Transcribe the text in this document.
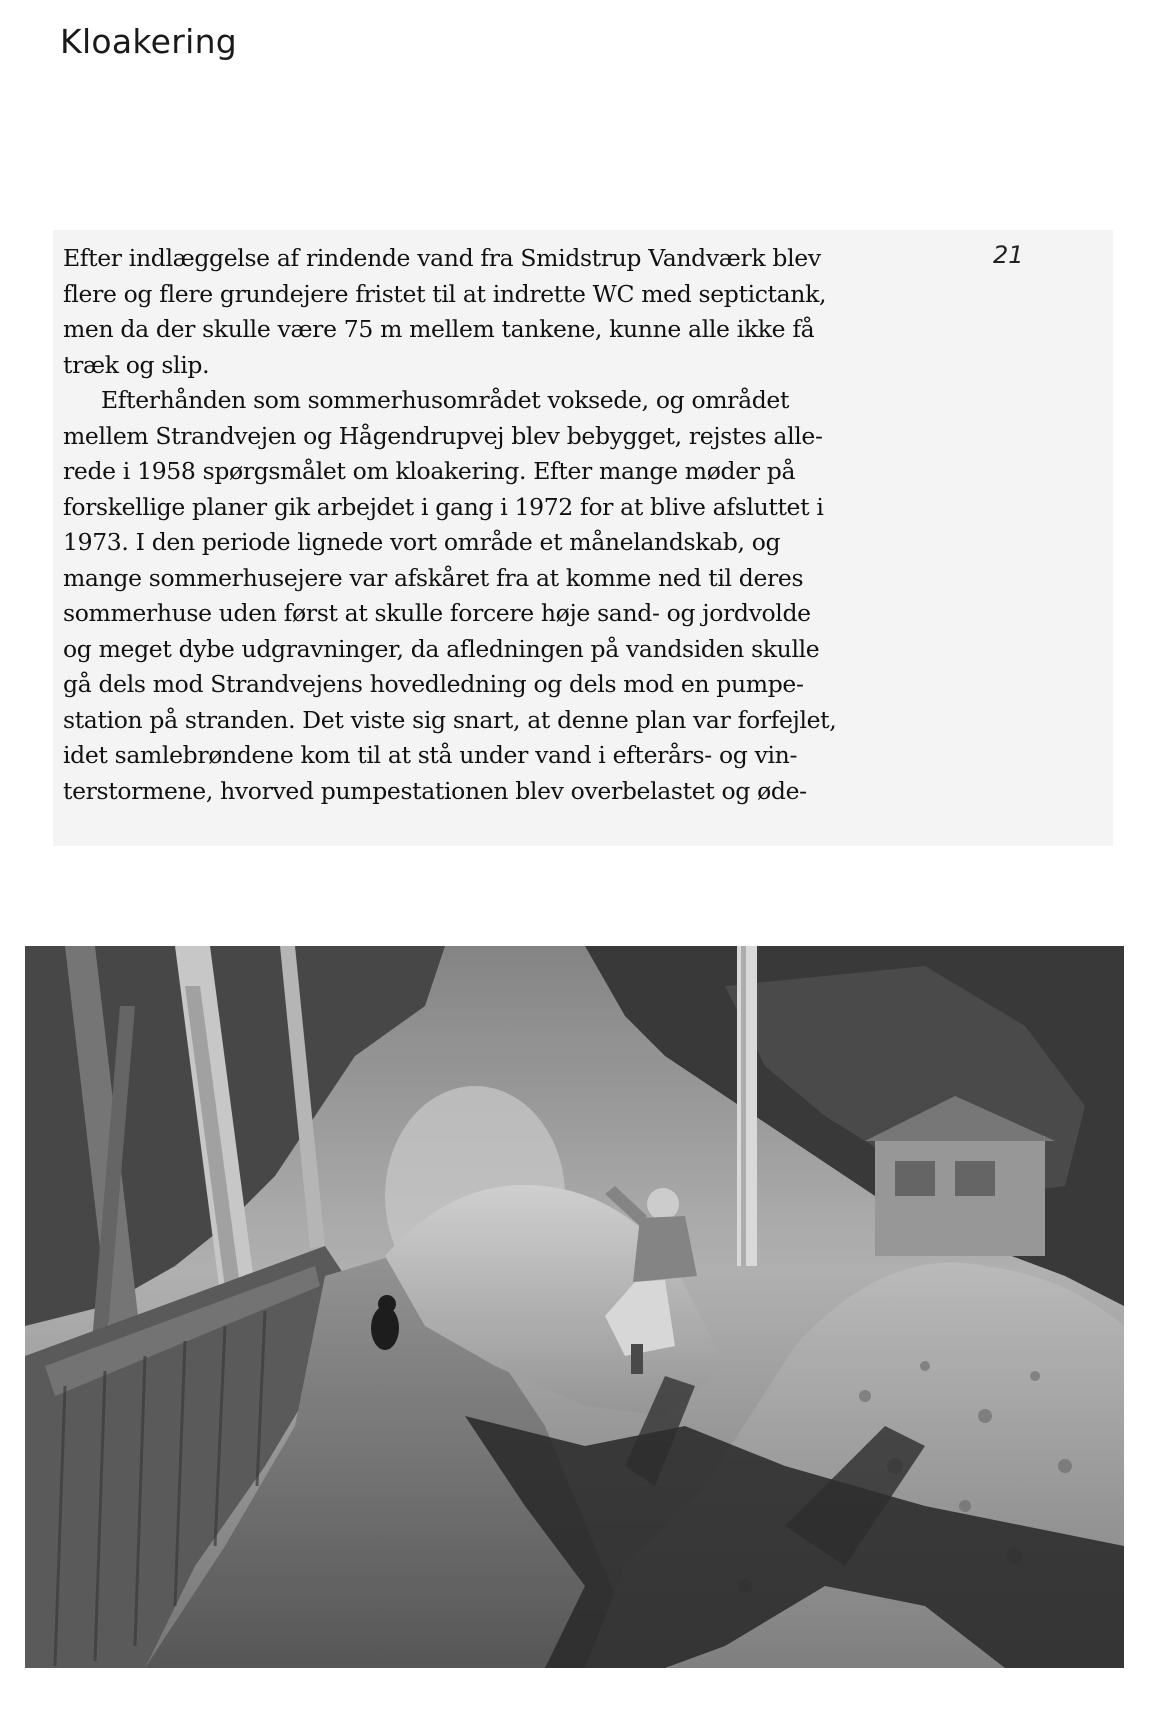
Kloakering
21
Efter indlæggelse af rindende vand fra Smidstrup Vandværk blev
flere og flere grundejere fristet til at indrette WC med septictank,
men da der skulle være 75 m mellem tankene, kunne alle ikke få
træk og slip.
Efterhånden som sommerhusområdet voksede, og området
mellem Strandvejen og Hågendrupvej blev bebygget, rejstes alle-
rede i 1958 spørgsmålet om kloakering. Efter mange møder på
forskellige planer gik arbejdet i gang i 1972 for at blive afsluttet i
1973. I den periode lignede vort område et månelandskab, og
mange sommerhusejere var afskåret fra at komme ned til deres
sommerhuse uden først at skulle forcere høje sand- og jordvolde
og meget dybe udgravninger, da afledningen på vandsiden skulle
gå dels mod Strandvejens hovedledning og dels mod en pumpe-
station på stranden. Det viste sig snart, at denne plan var forfejlet,
idet samlebrøndene kom til at stå under vand i efterårs- og vin-
terstormene, hvorved pumpestationen blev overbelastet og øde-
